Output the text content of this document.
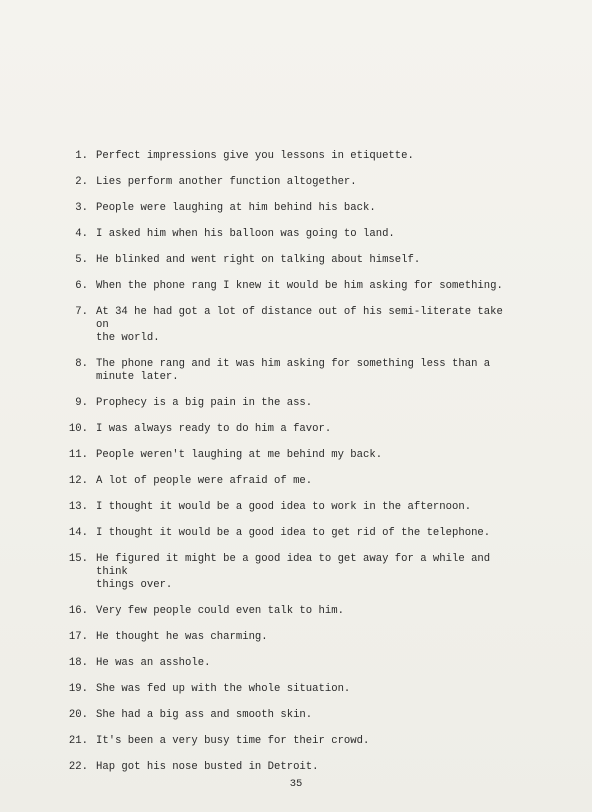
1. Perfect impressions give you lessons in etiquette.
2. Lies perform another function altogether.
3. People were laughing at him behind his back.
4. I asked him when his balloon was going to land.
5. He blinked and went right on talking about himself.
6. When the phone rang I knew it would be him asking for something.
7. At 34 he had got a lot of distance out of his semi-literate take on
the world.
8. The phone rang and it was him asking for something less than a
minute later.
9. Prophecy is a big pain in the ass.
10. I was always ready to do him a favor.
11. People weren't laughing at me behind my back.
12. A lot of people were afraid of me.
13. I thought it would be a good idea to work in the afternoon.
14. I thought it would be a good idea to get rid of the telephone.
15. He figured it might be a good idea to get away for a while and think
things over.
16. Very few people could even talk to him.
17. He thought he was charming.
18. He was an asshole.
19. She was fed up with the whole situation.
20. She had a big ass and smooth skin.
21. It's been a very busy time for their crowd.
22. Hap got his nose busted in Detroit.
35
